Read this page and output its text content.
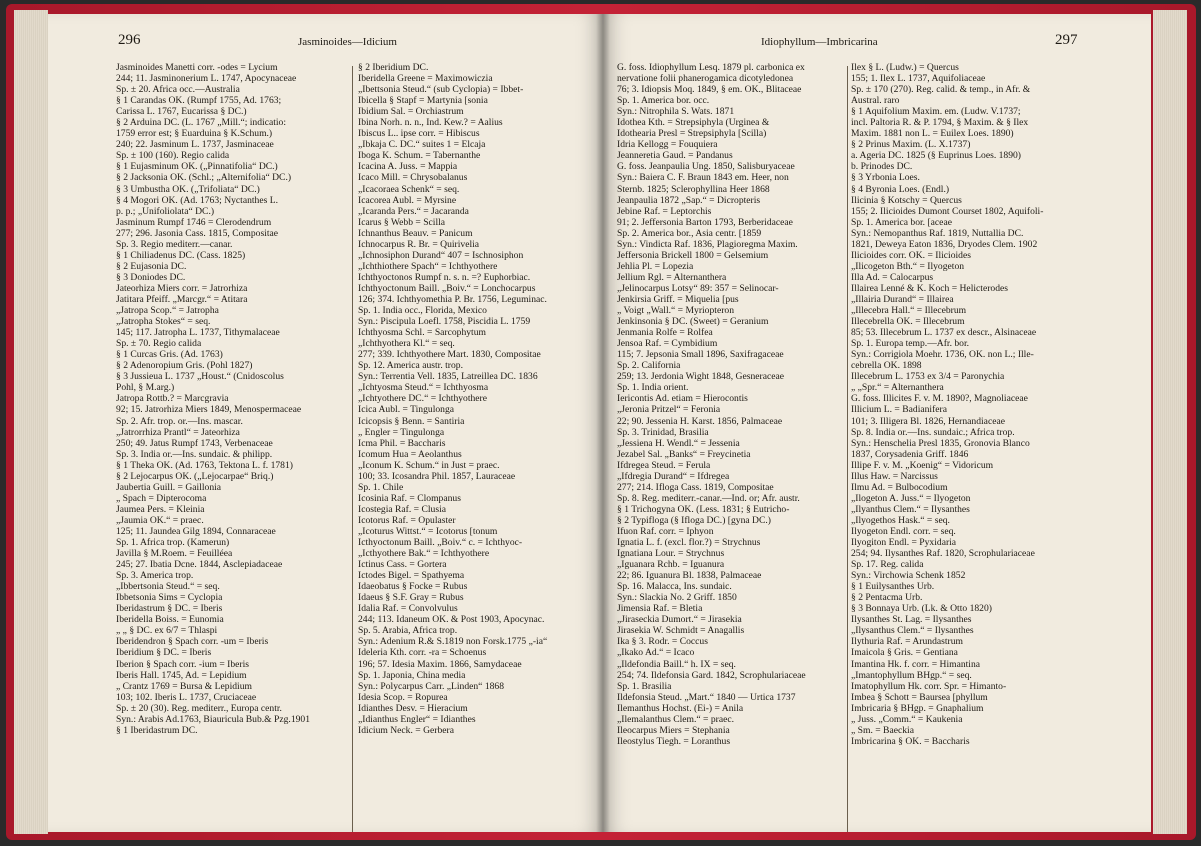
296	Jasminoides—Idicium
Jasminoides Manetti corr. -odes = Lycium
244; 11. Jasminonerium L. 1747, Apocynaceae
Sp. ± 20. Africa occ.—Australia
§ 1 Carandas OK. (Rumpf 1755, Ad. 1763;
Carissa L. 1767, Eucarissa § DC.)
§ 2 Arduina DC. (L. 1767 „Mill.“; indicatio:
1759 error est; § Euarduina § K.Schum.)
240; 22. Jasminum L. 1737, Jasminaceae
Sp. ± 100 (160). Regio calida
§ 1 Eujasminum OK. („Pinnatifolia“ DC.)
§ 2 Jacksonia OK. (Schl.; „Alternifolia“ DC.)
§ 3 Umbustha OK. („Trifoliata“ DC.)
§ 4 Mogori OK. (Ad. 1763; Nyctanthes L.
p. p.; „Unifoliolata“ DC.)
Jasminum Rumpf 1746 = Clerodendrum
277; 296. Jasonia Cass. 1815, Compositae
Sp. 3. Regio mediterr.—canar.
§ 1 Chiliadenus DC. (Cass. 1825)
§ 2 Eujasonia DC.
§ 3 Doniodes DC.
Jateorhiza Miers corr. = Jatrorhiza
Jatitara Pfeiff. „Marcgr.“ = Atitara
„Jatropa Scop.“ = Jatropha
„Jatropha Stokes“ = seq.
145; 117. Jatropha L. 1737, Tithymalaceae
Sp. ± 70. Regio calida
§ 1 Curcas Gris. (Ad. 1763)
§ 2 Adenoropium Gris. (Pohl 1827)
§ 3 Jussieua L. 1737 „Houst.“ (Cnidoscolus
Pohl, § M.arg.)
Jatropa Rottb.? = Marcgravia
92; 15. Jatrorhiza Miers 1849, Menospermaceae
Sp. 2. Afr. trop. or.—Ins. mascar.
„Jatrorrhiza Prantl“ = Jateorhiza
250; 49. Jatus Rumpf 1743, Verbenaceae
Sp. 3. India or.—Ins. sundaic. & philipp.
§ 1 Theka OK. (Ad. 1763, Tektona L. f. 1781)
§ 2 Lejocarpus OK. („Lejocarpae“ Briq.)
Jaubertia Guill. = Gaillonia
„ Spach = Dipterocoma
Jaumea Pers. = Kleinia
„Jaumia OK.“ = praec.
125; 11. Jaundea Gilg 1894, Connaraceae
Sp. 1. Africa trop. (Kamerun)
Javilla § M.Roem. = Feuilléea
245; 27. Ibatia Dcne. 1844, Asclepiadaceae
Sp. 3. America trop.
„Ibbertsonia Steud.“ = seq.
Ibbetsonia Sims = Cyclopia
Iberidastrum § DC. = Iberis
Iberidella Boiss. = Eunomia
„ „ § DC. ex 6/7 = Thlaspi
Iberidendron § Spach corr. -um = Iberis
Iberidium § DC. = Iberis
Iberion § Spach corr. -ium = Iberis
Iberis Hall. 1745, Ad. = Lepidium
„ Crantz 1769 = Bursa & Lepidium
103; 102. Iberis L. 1737, Cruciaceae
Sp. ± 20 (30). Reg. mediterr., Europa centr.
Syn.: Arabis Ad.1763, Biauricula Bub.& Pzg.1901
§ 1 Iberidastrum DC.
§ 2 Iberidium DC.
Iberidella Greene = Maximowiczia
„Ibettsonia Steud.“ (sub Cyclopia) = Ibbet-
Ibicella § Stapf = Martynia [sonia
Ibidium Sal. = Orchiastrum
Ibina Norh. n. n., Ind. Kew.? = Aalius
Ibiscus L.. ipse corr. = Hibiscus
„Ibkaja C. DC.“ suites 1 = Elcaja
Iboga K. Schum. = Tabernanthe
Icacina A. Juss. = Mappia
Icaco Mill. = Chrysobalanus
„Icacoraea Schenk“ = seq.
Icacorea Aubl. = Myrsine
„Icaranda Pers.“ = Jacaranda
Icarus § Webb = Scilla
Ichnanthus Beauv. = Panicum
Ichnocarpus R. Br. = Quirivelia
„Ichnosiphon Durand“ 407 = Ischnosiphon
„Ichthiothere Spach“ = Ichthyothere
Ichthyoctonos Rumpf n. s. n. =? Euphorbiac.
Ichthyoctonum Baill. „Boiv.“ = Lonchocarpus
126; 374. Ichthyomethia P. Br. 1756, Leguminac.
Sp. 1. India occ., Florida, Mexico
Syn.: Piscipula Loefl. 1758, Piscidia L. 1759
Ichthyosma Schl. = Sarcophytum
„Ichthyothera Kl.“ = seq.
277; 339. Ichthyothere Mart. 1830, Compositae
Sp. 12. America austr. trop.
Syn.: Terrentia Vell. 1835, Latreillea DC. 1836
„Ichtyosma Steud.“ = Ichthyosma
„Ichtyothere DC.“ = Ichthyothere
Icica Aubl. = Tingulonga
Icicopsis § Benn. = Santiria
„ Engler = Tingulonga
Icma Phil. = Baccharis
Icomum Hua = Aeolanthus
„Iconum K. Schum.“ in Just = praec.
100; 33. Icosandra Phil. 1857, Lauraceae
Sp. 1. Chile
Icosinia Raf. = Clompanus
Icostegia Raf. = Clusia
Icotorus Raf. = Opulaster
„Icoturus Wittst.“ = Icotorus [tonum
Icthyoctonum Baill. „Boiv.“ c. = Ichthyoc-
„Icthyothere Bak.“ = Ichthyothere
Ictinus Cass. = Gortera
Ictodes Bigel. = Spathyema
Idaeobatus § Focke = Rubus
Idaeus § S.F. Gray = Rubus
Idalia Raf. = Convolvulus
244; 113. Idaneum OK. & Post 1903, Apocynac.
Sp. 5. Arabia, Africa trop.
Syn.: Adenium R.& S.1819 non Forsk.1775 „-ia“
Ideleria Kth. corr. -ra = Schoenus
196; 57. Idesia Maxim. 1866, Samydaceae
Sp. 1. Japonia, China media
Syn.: Polycarpus Carr. „Linden“ 1868
Idesia Scop. = Ropurea
Idianthes Desv. = Hieracium
„Idianthus Engler“ = Idianthes
Idicium Neck. = Gerbera
Idiophyllum—Imbricarina	297
G. foss. Idiophyllum Lesq. 1879 pl. carbonica ex
nervatione folii phanerogamica dicotyledonea
76; 3. Idiopsis Moq. 1849, § em. OK., Blitaceae
Sp. 1. America bor. occ.
Syn.: Nitrophila S. Wats. 1871
Idothea Kth. = Strepsiphyla (Urginea &
Idothearia Presl = Strepsiphyla [Scilla)
Idria Kellogg = Fouquiera
Jeanneretia Gaud. = Pandanus
G. foss. Jeanpaulia Ung. 1850, Salisburyaceae
Syn.: Baiera C. F. Braun 1843 em. Heer, non
Sternb. 1825; Sclerophyllina Heer 1868
Jeanpaulia 1872 „Sap.“ = Dicropteris
Jebine Raf. = Leptorchis
91; 2. Jeffersonia Barton 1793, Berberidaceae
Sp. 2. America bor., Asia centr. [1859
Syn.: Vindicta Raf. 1836, Plagioregma Maxim.
Jeffersonia Brickell 1800 = Gelsemium
Jehlia Pl. = Lopezia
Jellium Rgl. = Alternanthera
„Jelinocarpus Lotsy“ 89: 357 = Selinocar-
Jenkirsia Griff. = Miquelia [pus
„ Voigt „Wall.“ = Myriopteron
Jenkinsonia § DC. (Sweet) = Geranium
Jenmania Rolfe = Rolfea
Jensoa Raf. = Cymbidium
115; 7. Jepsonia Small 1896, Saxifragaceae
Sp. 2. California
259; 13. Jerdonia Wight 1848, Gesneraceae
Sp. 1. India orient.
Iericontis Ad. etiam = Hierocontis
„Jeronia Pritzel“ = Feronia
22; 90. Jessenia H. Karst. 1856, Palmaceae
Sp. 3. Trinidad, Brasilia
„Jessiena H. Wendl.“ = Jessenia
Jezabel Sal. „Banks“ = Freycinetia
Ifdregea Steud. = Ferula
„Ifdregia Durand“ = Ifdregea
277; 214. Ifloga Cass. 1819, Compositae
Sp. 8. Reg. mediterr.-canar.—Ind. or; Afr. austr.
§ 1 Trichogyna OK. (Less. 1831; § Eutricho-
§ 2 Typifloga (§ Ifloga DC.) [gyna DC.)
Ifuon Raf. corr. = Iphyon
Ignatia L. f. (excl. flor.?) = Strychnus
Ignatiana Lour. = Strychnus
„Iguanara Rchb. = Iguanura
22; 86. Iguanura Bl. 1838, Palmaceae
Sp. 16. Malacca, Ins. sundaic.
Syn.: Slackia No. 2 Griff. 1850
Jimensia Raf. = Bletia
„Jiraseckia Dumort.“ = Jirasekia
Jirasekia W. Schmidt = Anagallis
Ika § 3. Rodr. = Coccus
„Ikako Ad.“ = Icaco
„Ildefondia Baill.“ h. IX = seq.
254; 74. Ildefonsia Gard. 1842, Scrophulariaceae
Sp. 1. Brasilia
Ildefonsia Steud. „Mart.“ 1840 — Urtica 1737
Ilemanthus Hochst. (Ei-) = Anila
„Ilemalanthus Clem.“ = praec.
Ileocarpus Miers = Stephania
Ileostylus Tiegh. = Loranthus
Ilex § L. (Ludw.) = Quercus
155; 1. Ilex L. 1737, Aquifoliaceae
Sp. ± 170 (270). Reg. calid. & temp., in Afr. &
Austral. raro
§ 1 Aquifolium Maxim. em. (Ludw. V.1737;
incl. Paltoria R. & P. 1794, § Maxim. & § Ilex
Maxim. 1881 non L. = Euilex Loes. 1890)
§ 2 Prinus Maxim. (L. X.1737)
a. Ageria DC. 1825 (§ Euprinus Loes. 1890)
b. Prinodes DC.
§ 3 Yrbonia Loes.
§ 4 Byronia Loes. (Endl.)
Ilicinia § Kotschy = Quercus
155; 2. Ilicioides Dumont Courset 1802, Aquifoli-
Sp. 1. America bor. [aceae
Syn.: Nemopanthus Raf. 1819, Nuttallia DC.
1821, Deweya Eaton 1836, Dryodes Clem. 1902
Ilicioides corr. OK. = Ilicioides
„Ilicogeton Bth.“ = Ilyogeton
Illa Ad. = Calocarpus
Illairea Lenné & K. Koch = Helicterodes
„Illairia Durand“ = Illairea
„Illecebra Hall.“ = Illecebrum
Illecebrella OK. = Illecebrum
85; 53. Illecebrum L. 1737 ex descr., Alsinaceae
Sp. 1. Europa temp.—Afr. bor.
Syn.: Corrigiola Moehr. 1736, OK. non L.; Ille-
cebrella OK. 1898
Illecebrum L. 1753 ex 3/4 = Paronychia
„ „Spr.“ = Alternanthera
G. foss. Illicites F. v. M. 1890?, Magnoliaceae
Illicium L. = Badianifera
101; 3. Illigera Bl. 1826, Hernandiaceae
Sp. 8. India or.—Ins. sundaic.; Africa trop.
Syn.: Henschelia Presl 1835, Gronovia Blanco
1837, Corysadenia Griff. 1846
Illipe F. v. M. „Koenig“ = Vidoricum
Illus Haw. = Narcissus
Ilmu Ad. = Bulbocodium
„Ilogeton A. Juss.“ = Ilyogeton
„Ilyanthus Clem.“ = Ilysanthes
„Ilyogethos Hask.“ = seq.
Ilyogeton Endl. corr. = seq.
Ilyogiton Endl. = Pyxidaria
254; 94. Ilysanthes Raf. 1820, Scrophulariaceae
Sp. 17. Reg. calida
Syn.: Virchowia Schenk 1852
§ 1 Euilysanthes Urb.
§ 2 Pentacma Urb.
§ 3 Bonnaya Urb. (Lk. & Otto 1820)
Ilysanthes St. Lag. = Ilysanthes
„Ilysanthus Clem.“ = Ilysanthes
Ilythuria Raf. = Arundastrum
Imaicola § Gris. = Gentiana
Imantina Hk. f. corr. = Himantina
„Imantophyllum BHgp.“ = seq.
Imatophyllum Hk. corr. Spr. = Himanto-
Imbea § Schott = Baursea [phyllum
Imbricaria § BHgp. = Gnaphalium
„ Juss. „Comm.“ = Kaukenia
„ Sm. = Baeckia
Imbricarina § OK. = Baccharis
